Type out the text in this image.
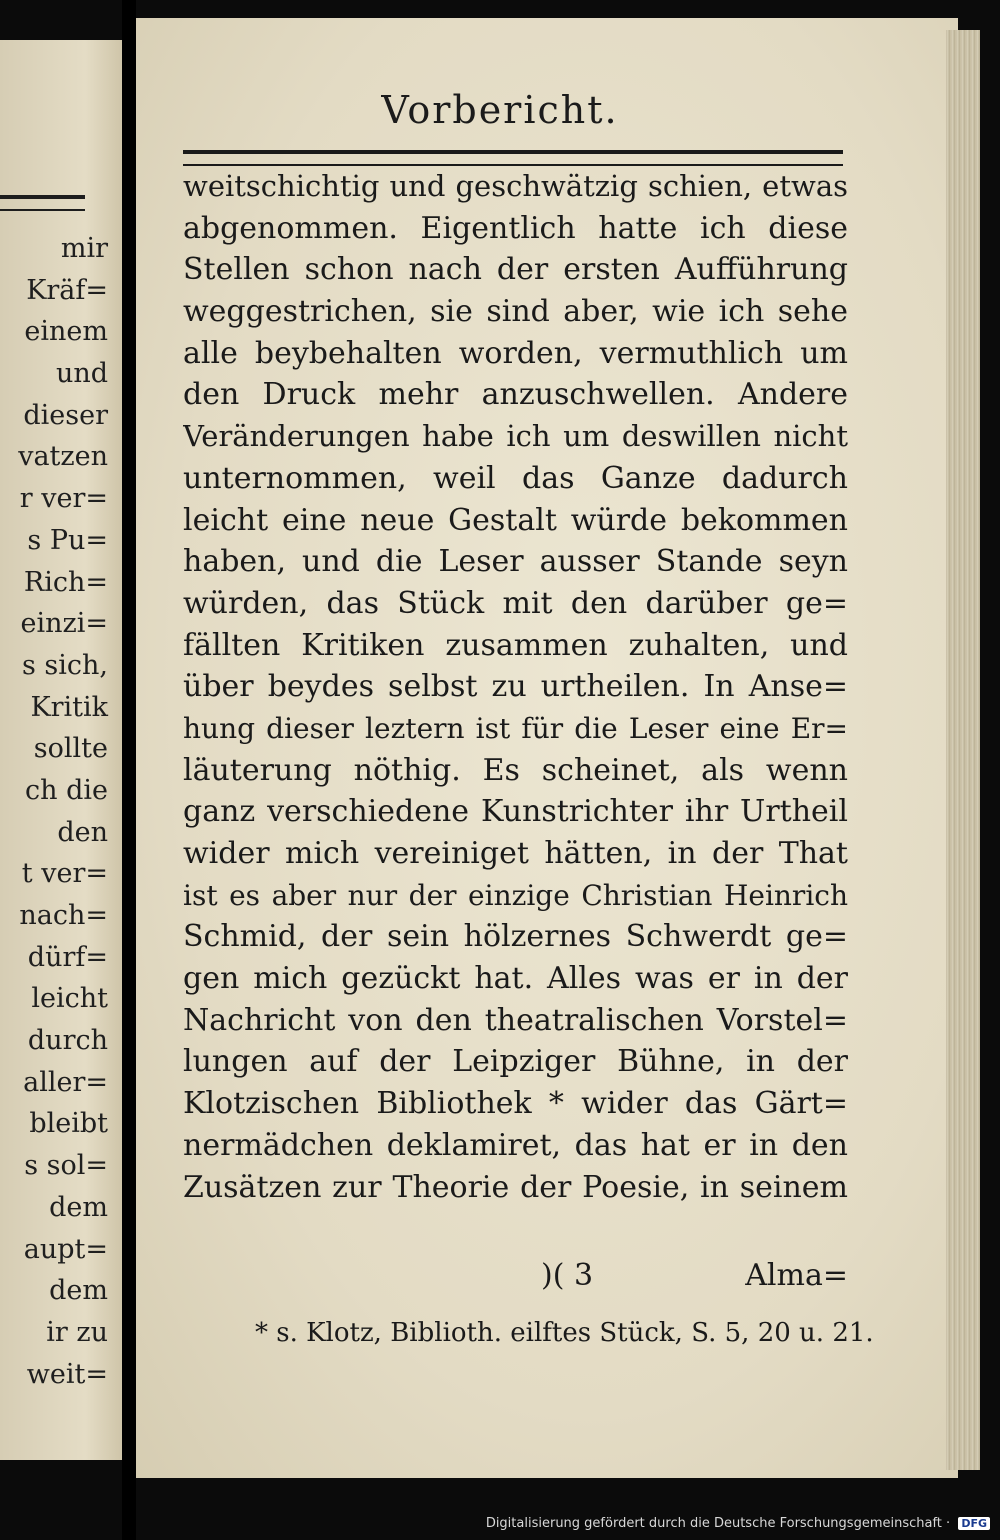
mir
Kräf=
einem
und
dieser
vatzen
r ver=
s Pu=
Rich=
einzi=
s sich,
Kritik
sollte
ch die
den
t ver=
nach=
dürf=
leicht
durch
aller=
bleibt
s sol=
dem
aupt=
dem
ir zu
weit=
Vorbericht.
weitschichtig und geschwätzig schien, etwas
abgenommen. Eigentlich hatte ich diese
Stellen schon nach der ersten Aufführung
weggestrichen, sie sind aber, wie ich sehe
alle beybehalten worden, vermuthlich um
den Druck mehr anzuschwellen. Andere
Veränderungen habe ich um deswillen nicht
unternommen, weil das Ganze dadurch
leicht eine neue Gestalt würde bekommen
haben, und die Leser ausser Stande seyn
würden, das Stück mit den darüber ge=
fällten Kritiken zusammen zuhalten, und
über beydes selbst zu urtheilen. In Anse=
hung dieser leztern ist für die Leser eine Er=
läuterung nöthig. Es scheinet, als wenn
ganz verschiedene Kunstrichter ihr Urtheil
wider mich vereiniget hätten, in der That
ist es aber nur der einzige Christian Heinrich
Schmid, der sein hölzernes Schwerdt ge=
gen mich gezückt hat. Alles was er in der
Nachricht von den theatralischen Vorstel=
lungen auf der Leipziger Bühne, in der
Klotzischen Bibliothek * wider das Gärt=
nermädchen deklamiret, das hat er in den
Zusätzen zur Theorie der Poesie, in seinem
)( 3	Alma=
* s. Klotz, Biblioth. eilftes Stück, S. 5, 20 u. 21.
Digitalisierung gefördert durch die Deutsche Forschungsgemeinschaft · DFG
